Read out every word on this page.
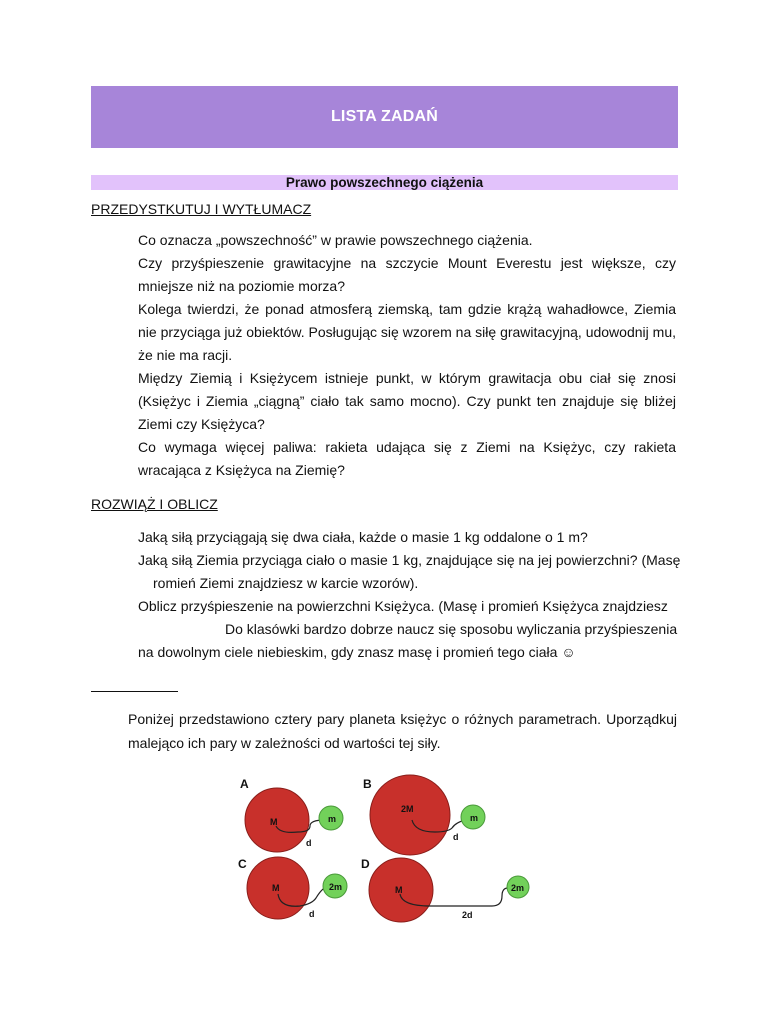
LISTA ZADAŃ
Prawo powszechnego ciążenia
PRZEDYSTKUTUJ I WYTŁUMACZ

Co oznacza „powszechność” w prawie powszechnego ciążenia.

Czy przyśpieszenie grawitacyjne na szczycie Mount Everestu jest większe, czy mniejsze niż na poziomie morza?

Kolega twierdzi, że ponad atmosferą ziemską, tam gdzie krążą wahadłowce, Ziemia nie przyciąga już obiektów. Posługując się wzorem na siłę grawitacyjną, udowodnij mu, że nie ma racji.

Między Ziemią i Księżycem istnieje punkt, w którym grawitacja obu ciał się znosi (Księżyc i Ziemia „ciągną” ciało tak samo mocno). Czy punkt ten znajduje się bliżej Ziemi czy Księżyca?

Co wymaga więcej paliwa: rakieta udająca się z Ziemi na Księżyc, czy rakieta wracająca z Księżyca na Ziemię?

ROZWIĄŻ I OBLICZ

Jaką siłą przyciągają się dwa ciała, każde o masie 1 kg oddalone o 1 m?

Jaką siłą Ziemia przyciąga ciało o masie 1 kg, znajdujące się na jej powierzchni? (Masę

romień Ziemi znajdziesz w karcie wzorów).

Oblicz przyśpieszenie na powierzchni Księżyca. (Masę i promień Księżyca znajdziesz

Do klasówki bardzo dobrze naucz się sposobu wyliczania przyśpieszenia

na dowolnym ciele niebieskim, gdy znasz masę i promień tego ciała ☺

Poniżej przedstawiono cztery pary planeta księżyc o różnych parametrach. Uporządkuj malejąco ich pary w zależności od wartości tej siły.
A
M	m
d
B
2M
m
d
C
M	2m
d
D
M	2m
2d
